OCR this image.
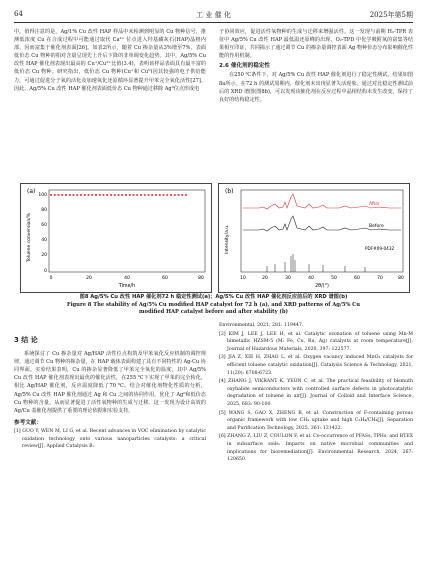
64	工 业 催 化	2025年第5期

中。值得注意的是，Ag/1% Cu 改性 HAP 样品中未检测到明显的 Cu 物种信号，推测低浓度 Cu 在合成过程中可能通过取代 Ca²⁺ 位点进入羟基磷灰石(HAP)晶格内部，因而富集于催化剂表面[26]。如表2所示，随着 Cu 掺杂量从3%增至7%，表面低价态 Cu 物种的相对含量呈现先上升后下降的非单调变化趋势。其中，Ag/5% Cu 改性 HAP 催化剂表现出最高的 Cu⁺/Cu²⁺比值(3.4)，表明该样品表面具有最丰富的低价态 Cu 物种。研究指出，低价态 Cu 物种(Cu⁺和 Cu⁰)因其较强的电子供给能力，可通过促进分子氧的活化及加速氧化还原循环显著提升甲苯完全氧化活性[27]。因此，Ag/5% Cu 改性 HAP 催化剂表面低价态 Cu 物种通过移除 Ag⁰位点形成电

子协同效应，促进活性氧物种的生成与迁移来增强活性。这一发现与前期 H₂-TPR 表征中 Ag/5% Cu 改性 HAP 最低温还原峰的出现、O₂-TPD 中化学吸附氧的富集等结果相互印证，共同揭示了通过调节 Cu 的掺杂量调控表面 Ag 物种价态分布影响催化性能的作用机制。

2.6 催化剂的稳定性

在250 ℃条件下，对 Ag/5% Cu 改性 HAP 催化剂进行了稳定性测试，结果如图8a所示。在72 h 的测试周期内，催化剂未出现显著失活现象。通过对比稳定性测试前后的 XRD 谱图(图8b)，可以发现该催化剂在反应过程中晶相结构未发生改变，保持了良好的结构稳定性。

(a)
Toluene conversion/%
100
80
60
40
20
0
0	20	40	60	80
Time/h
(b)
Intensity/a.u.
After
Before
PDF#09-0432
10	20	30	40	50	60	70	80
2θ/(°)
图8 Ag/5% Cu 改性 HAP 催化剂72 h 稳定性测试(a)；Ag/5% Cu 改性 HAP 催化剂反应前后的 XRD 谱图(b)
Figure 8 The stability of Ag/5% Cu modified HAP catalyst for 72 h (a), and XRD patterns of Ag/5% Cu
modified HAP catalyst before and after stability (b)
3 结 论

系统探讨了 Cu 掺杂量对 Ag/HAP 活性位点构筑及甲苯氧化反应机制的调控规律，通过调节 Cu 物种的掺杂量，在 HAP 载体表面构建了具有不同特性的 Ag-Cu 协同界面。实验结果表明，Cu 的掺杂显著降低了甲苯完全氧化的温度，其中 Ag/5% Cu 改性 HAP 催化剂表现出最优的催化活性，在255 ℃下实现了甲苯的完全转化，相比 Ag/HAP 催化剂，反应温度降低了70 ℃。结合对催化剂物化性质的分析，Ag/5% Cu 改性 HAP 催化剂通过 Ag 和 Cu 之间的协同作用，优化了 Ag⁰和低价态 Cu 物种的含量，从而显著促进了活性氧物种的生成与迁移。这一发现为设计高效的 Ag/Cu 基催化剂提供了重要的理论依据和实验支持。

参考文献：
[1] GUO Y, WEN M, LI G, et al. Recent advances in VOC elimination by catalytic oxidation technology onto various nanoparticles catalysts: a critical review[J]. Applied Catalysis B:
Environmental, 2021, 281: 119447.
[2] KIM J, LEE J, LEE H, et al. Catalytic ozonation of toluene using Mn-M bimetallic HZSM-5 (M: Fe, Cu, Ru, Ag) catalysts at room temperature[J]. Journal of Hazardous Materials, 2020, 397: 122577.
[3] JIA Z, XIE H, ZHAO L, et al. Oxygen vacancy induced MnO₂ catalysts for efficient toluene catalytic oxidation[J]. Catalysis Science & Technology, 2021, 11(20): 6708-6723.
[4] ZHANG J, VIKRANT K, YEON C, et al. The practical feasibility of bismuth oxyhalide semiconductors with controlled surface defects in photocatalytic degradation of toluene in air[J]. Journal of Colloid and Interface Science, 2025, 683: 90-100.
[5] WANG S, GAO X, ZHENG B, et al. Construction of F-containing porous organic framework with low CH₄ uptake and high C₂H₄/CH₄[J]. Separation and Purification Technology, 2025, 361: 131432.
[6] ZHANG Z, LIU Z, COULON F, et al. Co-occurrence of PFASs, TPHs, and BTEX in subsurface soils: Impacts on native microbial communities and implications for bioremediation[J]. Environmental Research, 2024, 267: 120650.
